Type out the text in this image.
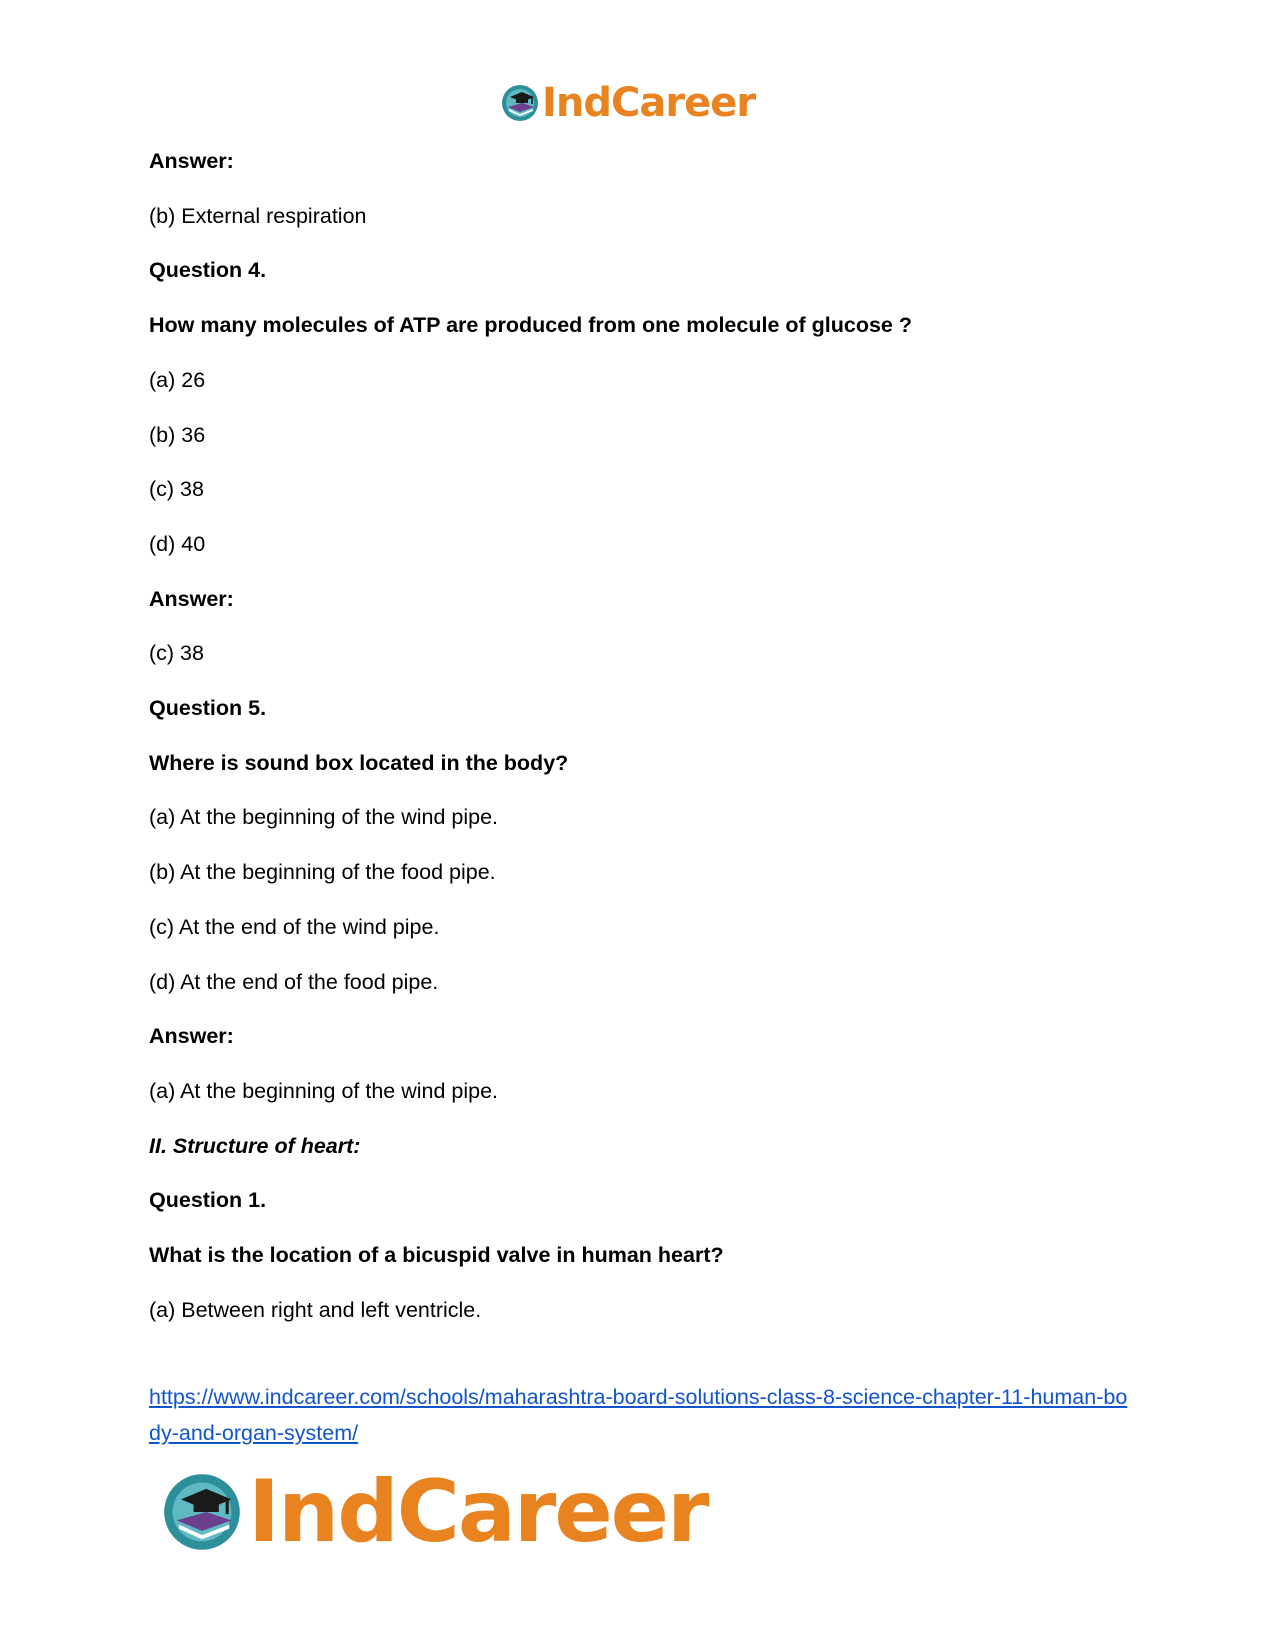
IndCareer
Answer:
(b) External respiration
Question 4.
How many molecules of ATP are produced from one molecule of glucose ?
(a) 26
(b) 36
(c) 38
(d) 40
Answer:
(c) 38
Question 5.
Where is sound box located in the body?
(a) At the beginning of the wind pipe.
(b) At the beginning of the food pipe.
(c) At the end of the wind pipe.
(d) At the end of the food pipe.
Answer:
(a) At the beginning of the wind pipe.
II. Structure of heart:
Question 1.
What is the location of a bicuspid valve in human heart?
(a) Between right and left ventricle.
https://www.indcareer.com/schools/maharashtra-board-solutions-class-8-science-chapter-11-human-body-and-organ-system/
IndCareer
